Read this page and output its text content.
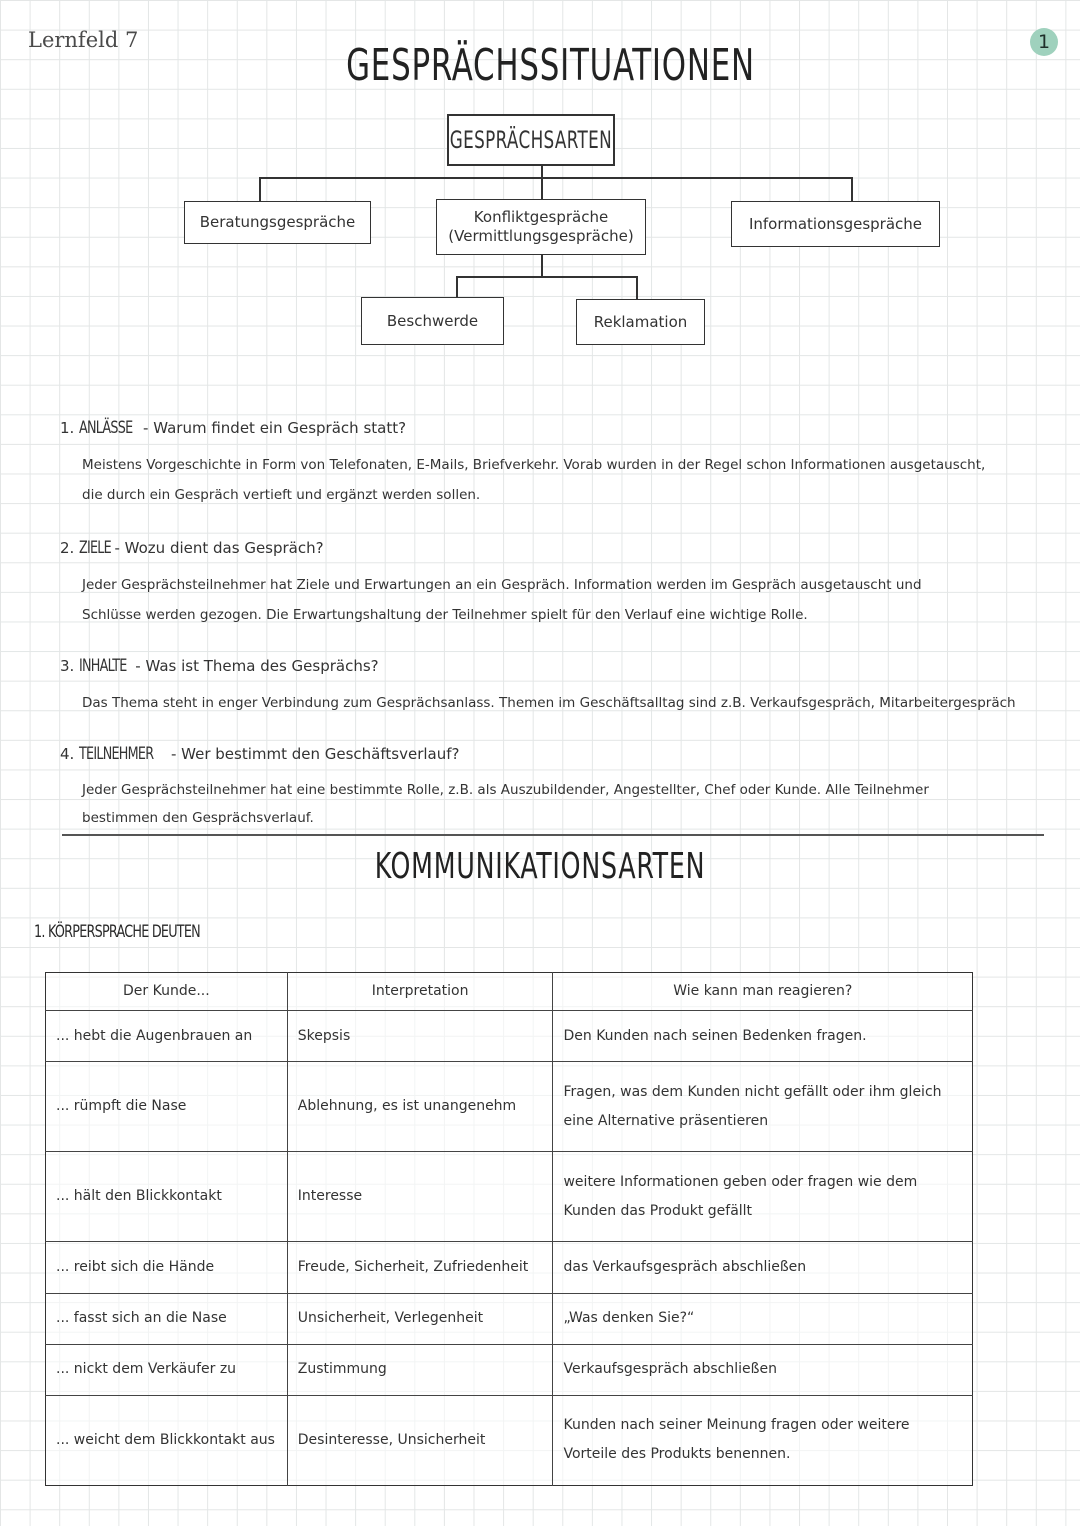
Lernfeld 7	1
GESPRÄCHSSITUATIONEN
GESPRÄCHSARTEN
Beratungsgespräche	Konfliktgespräche (Vermittlungsgespräche)
Informationsgespräche
Beschwerde	Reklamation
1. ANLÄSSE - Warum findet ein Gespräch statt?
Meistens Vorgeschichte in Form von Telefonaten, E-Mails, Briefverkehr. Vorab wurden in der Regel schon Informationen ausgetauscht,
die durch ein Gespräch vertieft und ergänzt werden sollen.
2. ZIELE - Wozu dient das Gespräch?
Jeder Gesprächsteilnehmer hat Ziele und Erwartungen an ein Gespräch. Information werden im Gespräch ausgetauscht und
Schlüsse werden gezogen. Die Erwartungshaltung der Teilnehmer spielt für den Verlauf eine wichtige Rolle.
3. INHALTE - Was ist Thema des Gesprächs?
Das Thema steht in enger Verbindung zum Gesprächsanlass. Themen im Geschäftsalltag sind z.B. Verkaufsgespräch, Mitarbeitergespräch
4. TEILNEHMER - Wer bestimmt den Geschäftsverlauf?
Jeder Gesprächsteilnehmer hat eine bestimmte Rolle, z.B. als Auszubildender, Angestellter, Chef oder Kunde. Alle Teilnehmer
bestimmen den Gesprächsverlauf.
KOMMUNIKATIONSARTEN
1. KÖRPERSPRACHE DEUTEN
Der Kunde...	Interpretation	Wie kann man reagieren?
... hebt die Augenbrauen an	Skepsis	Den Kunden nach seinen Bedenken fragen.
... rümpft die Nase	Ablehnung, es ist unangenehm	Fragen, was dem Kunden nicht gefällt oder ihm gleich eine Alternative präsentieren
... hält den Blickkontakt	Interesse	weitere Informationen geben oder fragen wie dem Kunden das Produkt gefällt
... reibt sich die Hände	Freude, Sicherheit, Zufriedenheit	das Verkaufsgespräch abschließen
... fasst sich an die Nase	Unsicherheit, Verlegenheit	„Was denken Sie?“
... nickt dem Verkäufer zu	Zustimmung	Verkaufsgespräch abschließen
... weicht dem Blickkontakt aus	Desinteresse, Unsicherheit	Kunden nach seiner Meinung fragen oder weitere Vorteile des Produkts benennen.
